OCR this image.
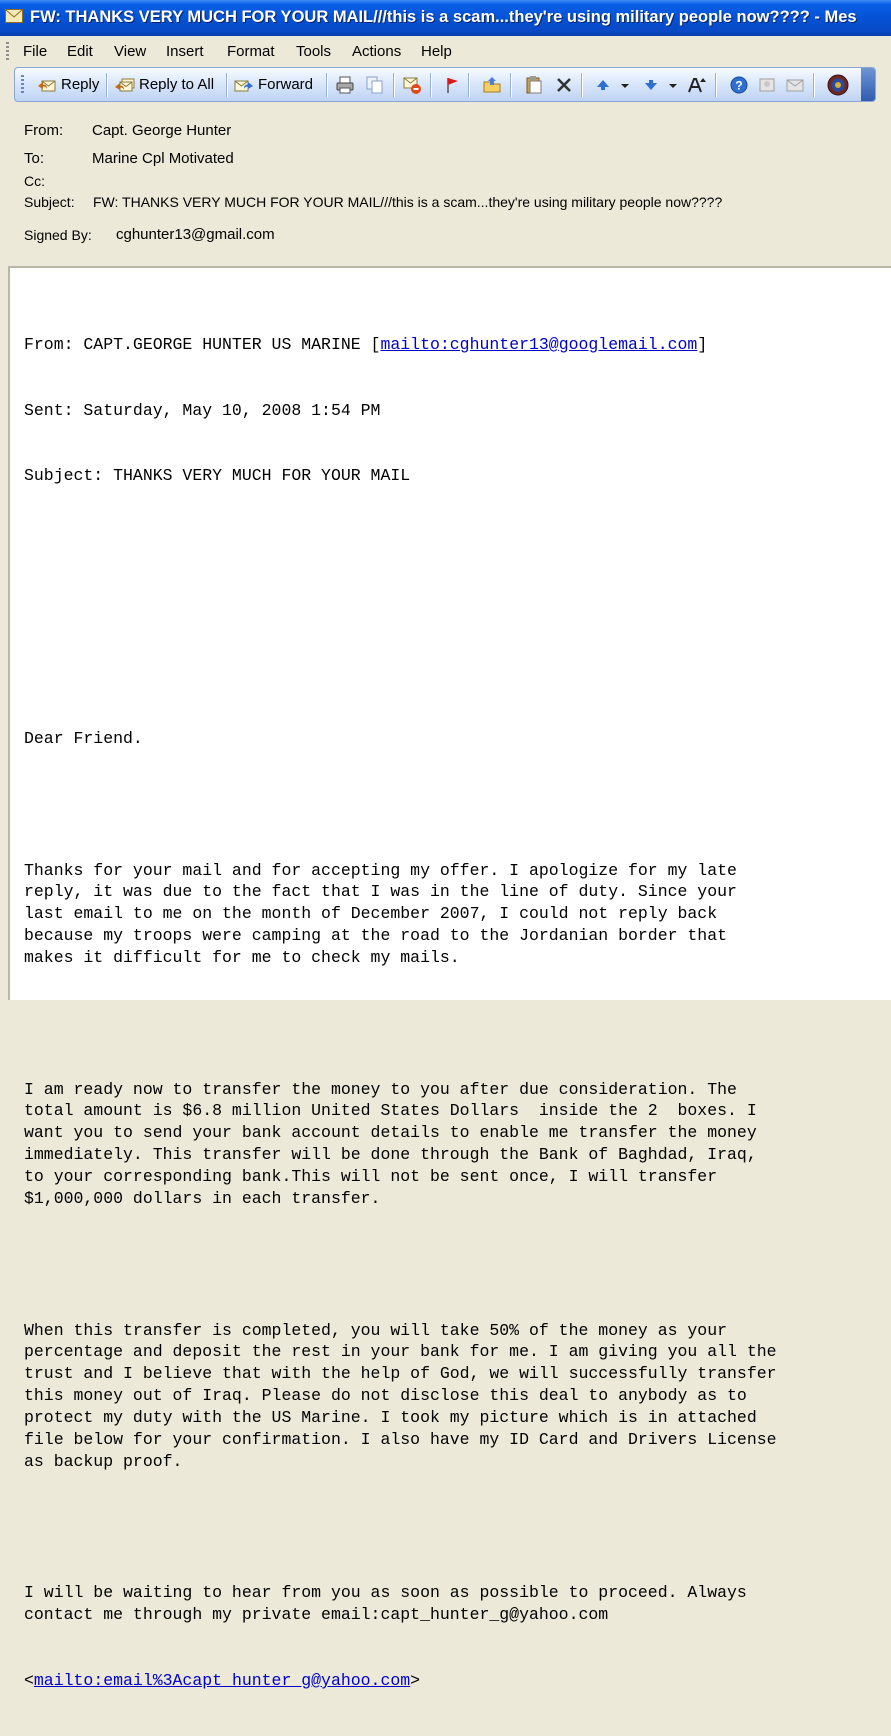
FW: THANKS VERY MUCH FOR YOUR MAIL///this is a scam...they're using military people now???? - Mes
File Edit View Insert Format Tools Actions Help
Reply	Reply to All	Forward	?
From: Capt. George Hunter
To:	Marine Cpl Motivated
Cc:
Subject: FW: THANKS VERY MUCH FOR YOUR MAIL///this is a scam...they're using military people now????
Signed By: cghunter13@gmail.com

From: CAPT.GEORGE HUNTER US MARINE [mailto:cghunter13@googlemail.com]

Sent: Saturday, May 10, 2008 1:54 PM

Subject: THANKS VERY MUCH FOR YOUR MAIL

Dear Friend.

Thanks for your mail and for accepting my offer. I apologize for my late
reply, it was due to the fact that I was in the line of duty. Since your
last email to me on the month of December 2007, I could not reply back
because my troops were camping at the road to the Jordanian border that
makes it difficult for me to check my mails.

I am ready now to transfer the money to you after due consideration. The
total amount is $6.8 million United States Dollars  inside the 2  boxes. I
want you to send your bank account details to enable me transfer the money
immediately. This transfer will be done through the Bank of Baghdad, Iraq,
to your corresponding bank.This will not be sent once, I will transfer
$1,000,000 dollars in each transfer.

When this transfer is completed, you will take 50% of the money as your
percentage and deposit the rest in your bank for me. I am giving you all the
trust and I believe that with the help of God, we will successfully transfer
this money out of Iraq. Please do not disclose this deal to anybody as to
protect my duty with the US Marine. I took my picture which is in attached
file below for your confirmation. I also have my ID Card and Drivers License
as backup proof.

I will be waiting to hear from you as soon as possible to proceed. Always
contact me through my private email:capt_hunter_g@yahoo.com

<mailto:email%3Acapt_hunter_g@yahoo.com>
